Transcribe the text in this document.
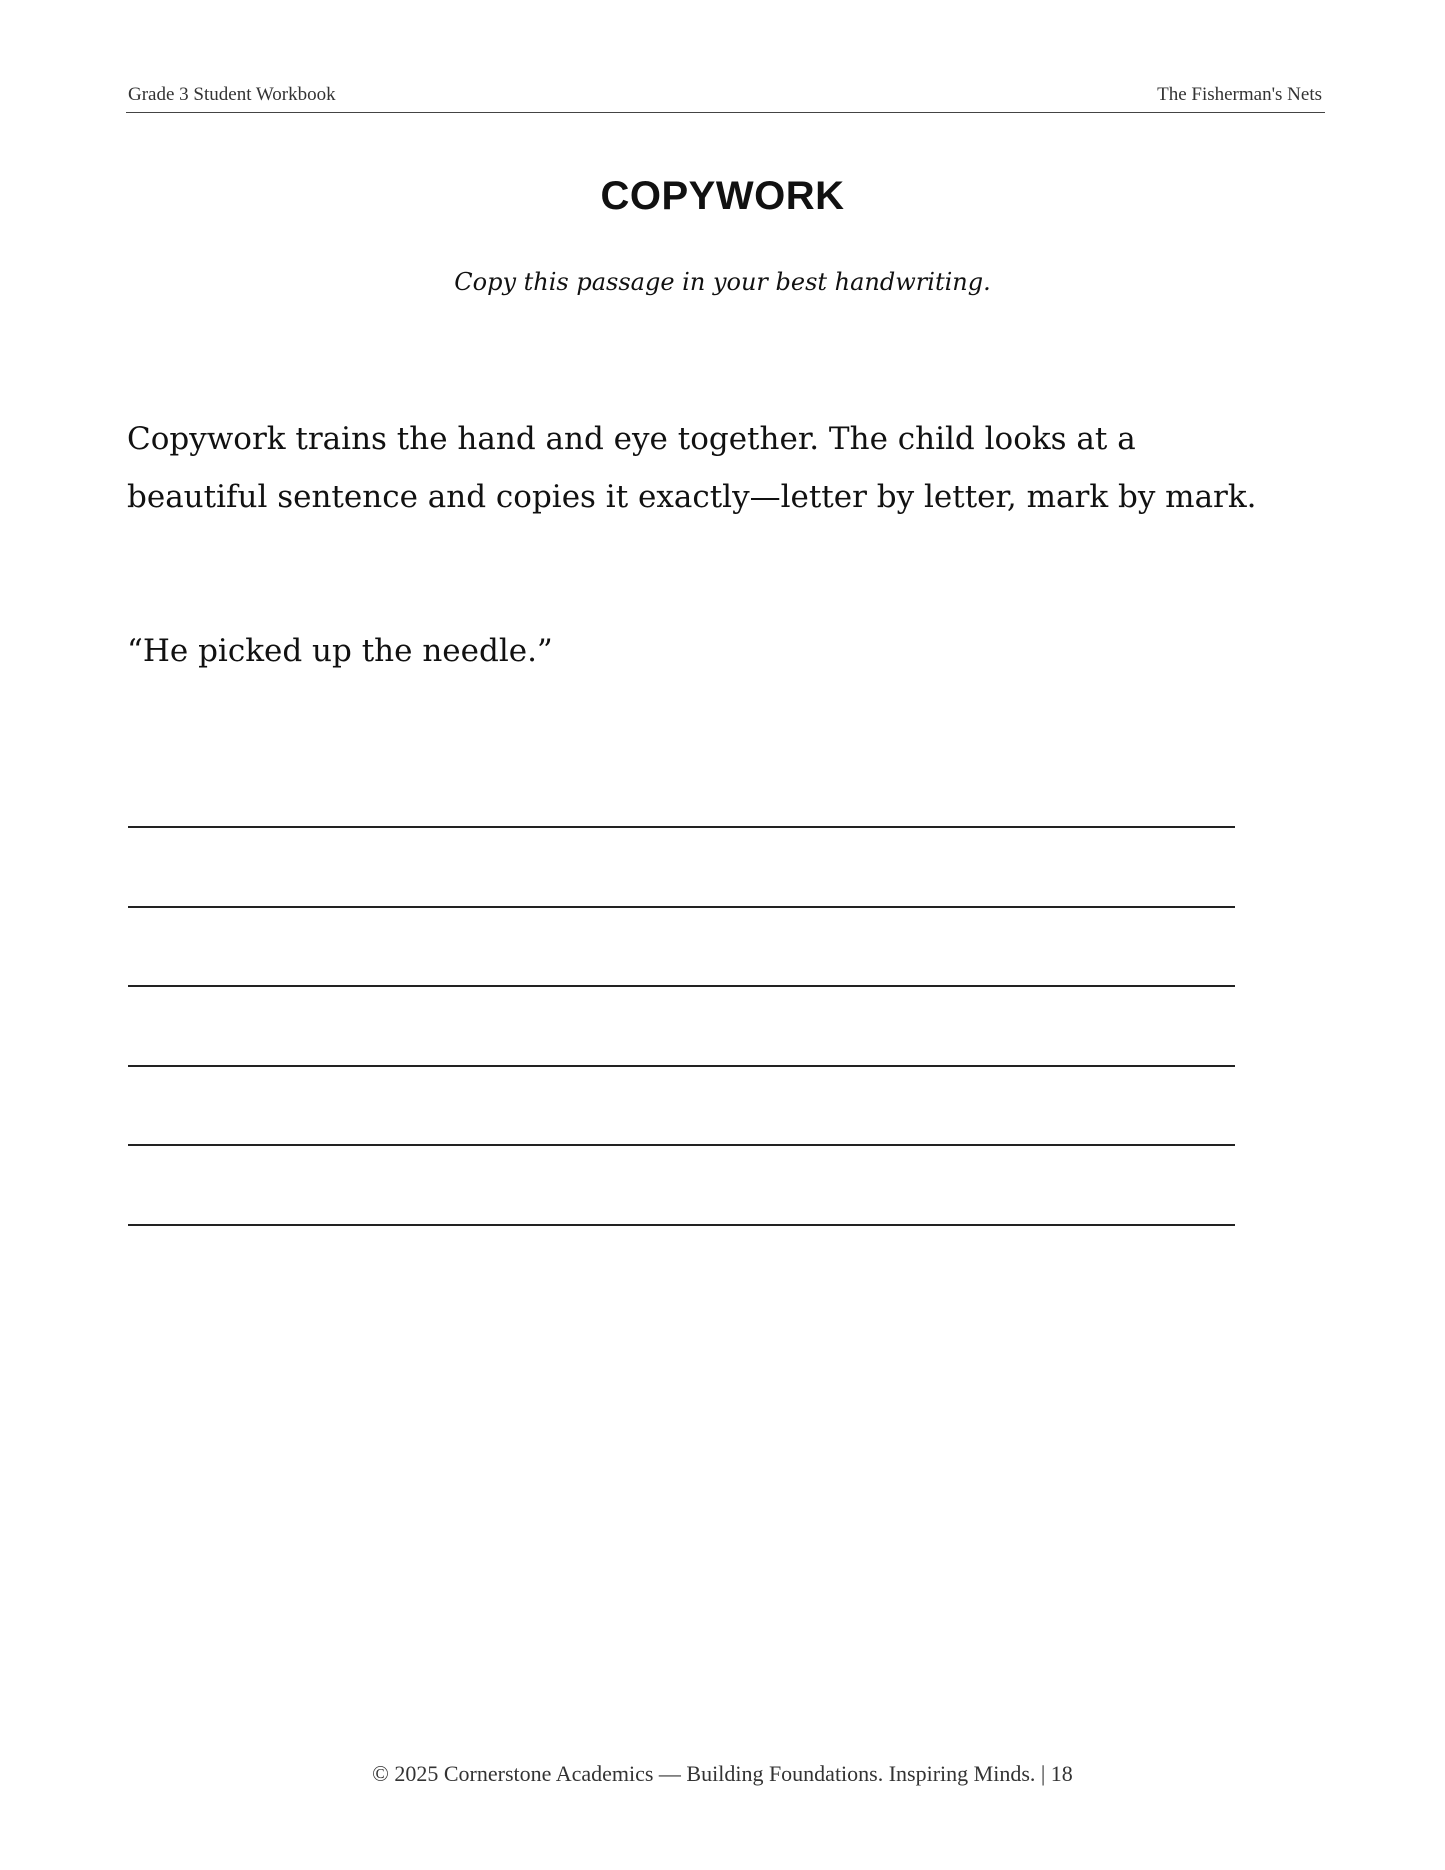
Grade 3 Student Workbook	The Fisherman's Nets
COPYWORK
Copy this passage in your best handwriting.
Copywork trains the hand and eye together. The child looks at a beautiful sentence and copies it exactly—letter by letter, mark by mark.
“He picked up the needle.”
© 2025 Cornerstone Academics — Building Foundations. Inspiring Minds. | 18
